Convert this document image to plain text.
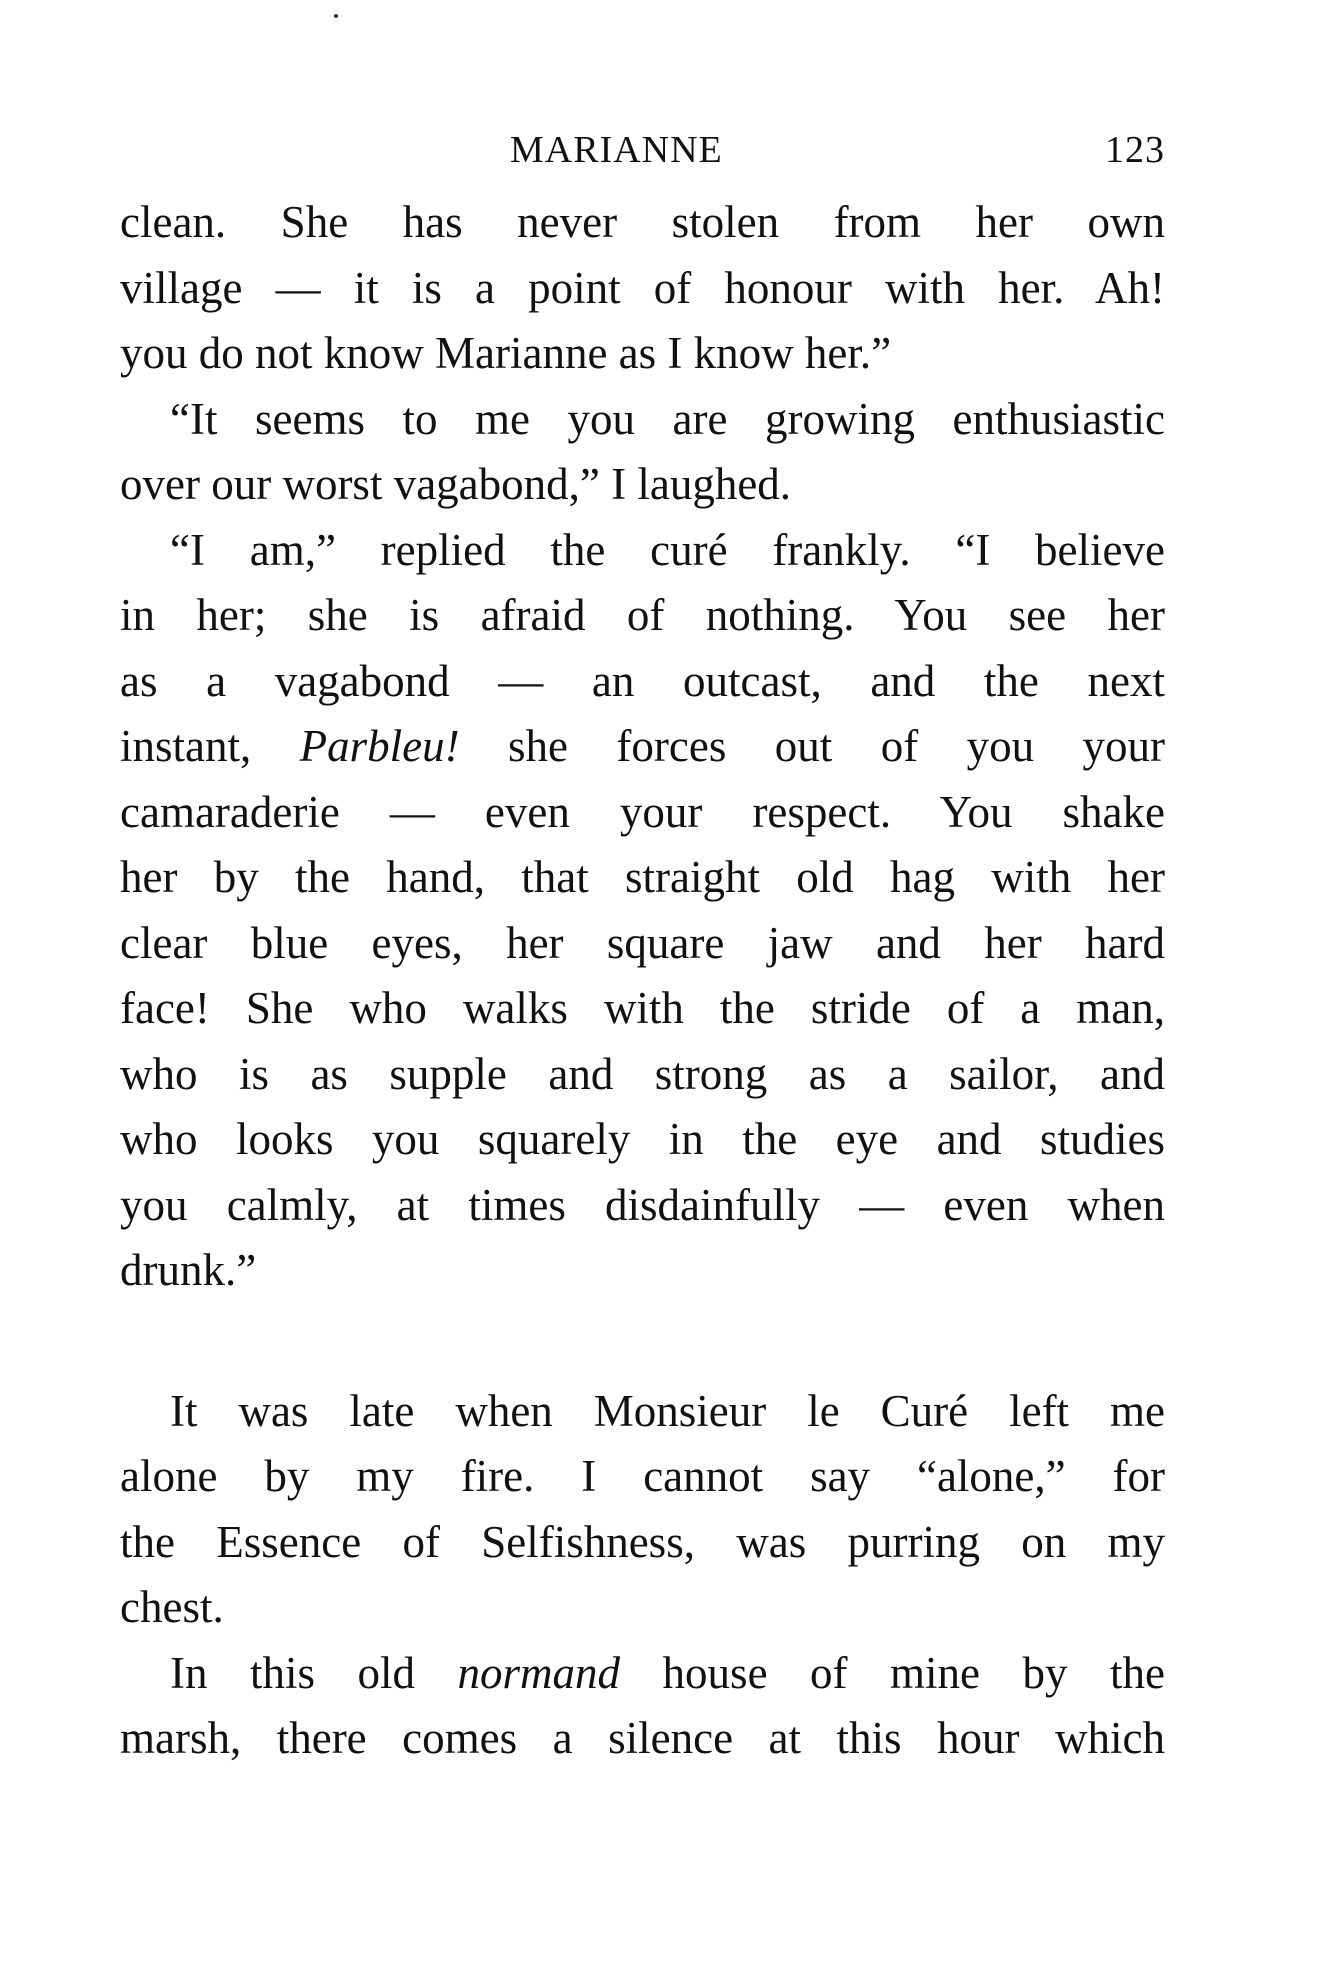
MARIANNE	123
clean. She has never stolen from her own
village — it is a point of honour with her. Ah!
you do not know Marianne as I know her.”
“It seems to me you are growing enthusiastic
over our worst vagabond,” I laughed.
“I am,” replied the curé frankly. “I believe
in her; she is afraid of nothing. You see her
as a vagabond — an outcast, and the next
instant, Parbleu! she forces out of you your
camaraderie — even your respect. You shake
her by the hand, that straight old hag with her
clear blue eyes, her square jaw and her hard
face! She who walks with the stride of a man,
who is as supple and strong as a sailor, and
who looks you squarely in the eye and studies
you calmly, at times disdainfully — even when
drunk.”
It was late when Monsieur le Curé left me
alone by my fire. I cannot say “alone,” for
the Essence of Selfishness, was purring on my
chest.
In this old normand house of mine by the
marsh, there comes a silence at this hour which
